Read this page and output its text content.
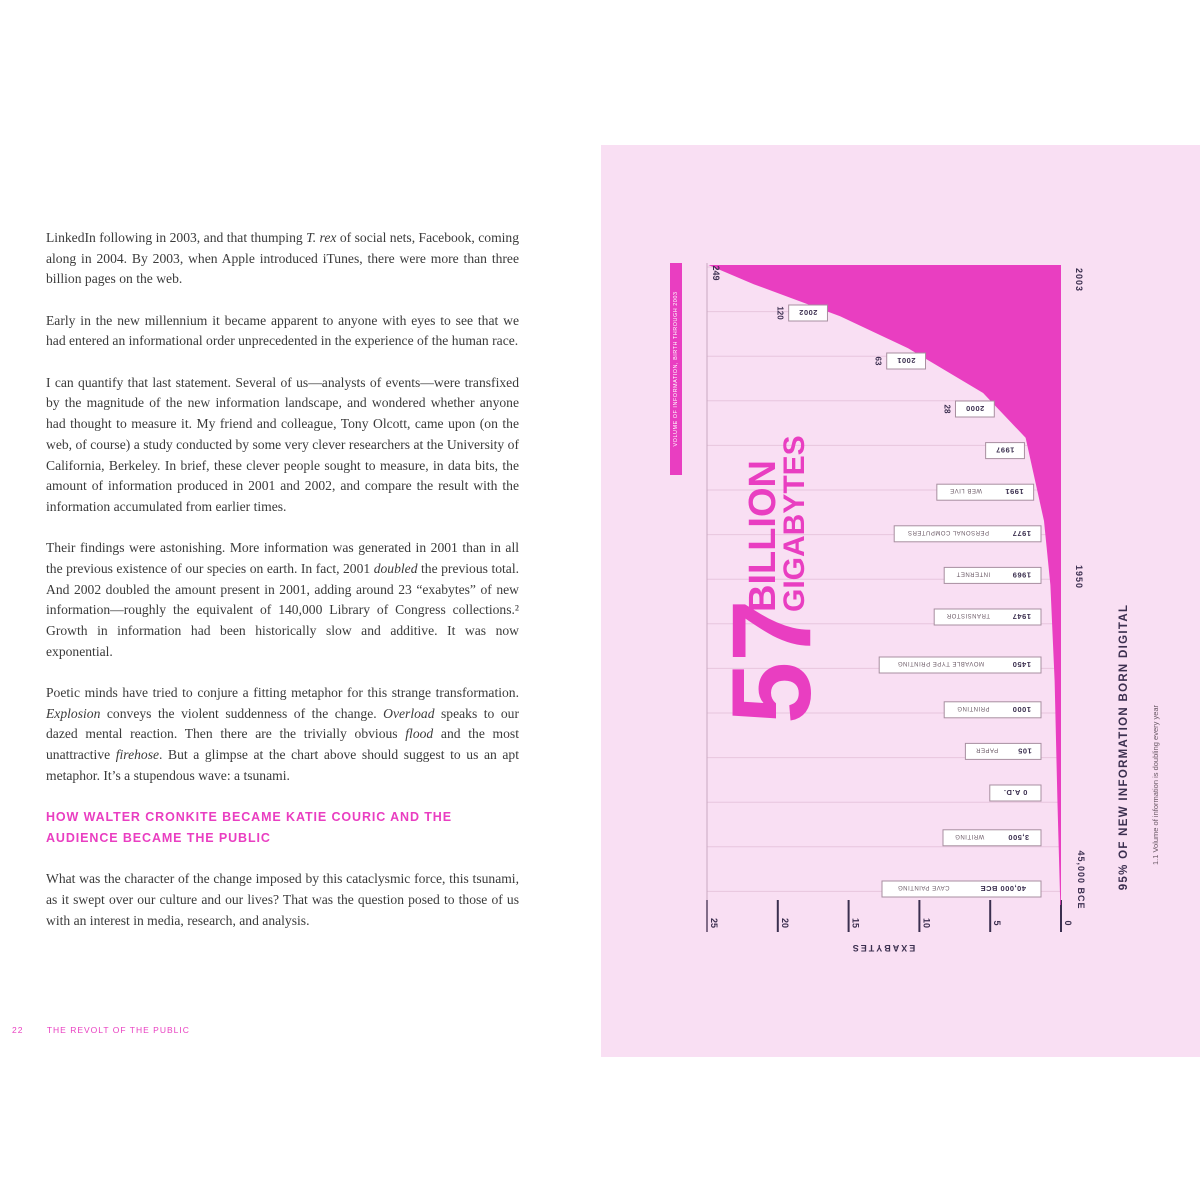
LinkedIn following in 2003, and that thumping T. rex of social nets, Facebook, coming along in 2004. By 2003, when Apple introduced iTunes, there were more than three billion pages on the web.

Early in the new millennium it became apparent to anyone with eyes to see that we had entered an informational order unprecedented in the experience of the human race.

I can quantify that last statement. Several of us—analysts of events—were transfixed by the magnitude of the new information landscape, and wondered whether anyone had thought to measure it. My friend and colleague, Tony Olcott, came upon (on the web, of course) a study conducted by some very clever researchers at the University of California, Berkeley. In brief, these clever people sought to measure, in data bits, the amount of information produced in 2001 and 2002, and compare the result with the information accumulated from earlier times.

Their findings were astonishing. More information was generated in 2001 than in all the previous existence of our species on earth. In fact, 2001 doubled the previous total. And 2002 doubled the amount present in 2001, adding around 23 “exabytes” of new information—roughly the equivalent of 140,000 Library of Congress collections.² Growth in information had been historically slow and additive. It was now exponential.

Poetic minds have tried to conjure a fitting metaphor for this strange transformation. Explosion conveys the violent suddenness of the change. Overload speaks to our dazed mental reaction. Then there are the trivially obvious flood and the most unattractive firehose. But a glimpse at the chart above should suggest to us an apt metaphor. It’s a stupendous wave: a tsunami.

HOW WALTER CRONKITE BECAME KATIE COURIC AND THE AUDIENCE BECAME THE PUBLIC

What was the character of the change imposed by this cataclysmic force, this tsunami, as it swept over our culture and our lives? That was the question posed to those of us with an interest in media, research, and analysis.

22	THE REVOLT OF THE PUBLIC
25	20	15	10	5	0
EXABYTES
VOLUME OF INFORMATION, BIRTH THROUGH 2003
249
57
BILLION
GIGABYTES
2002
120
2001
63
2000
28
1997
1991
WEB LIVE
1977
PERSONAL COMPUTERS
1969
INTERNET
1947
TRANSISTOR
1450
MOVABLE TYPE PRINTING
1000
PRINTING
105
PAPER
0 A.D.
3,500
WRITING
40,000 BCE
CAVE PAINTING
2003
1950
45,000 BCE	95% OF NEW INFORMATION BORN DIGITAL	1.1 Volume of information is doubling every year
